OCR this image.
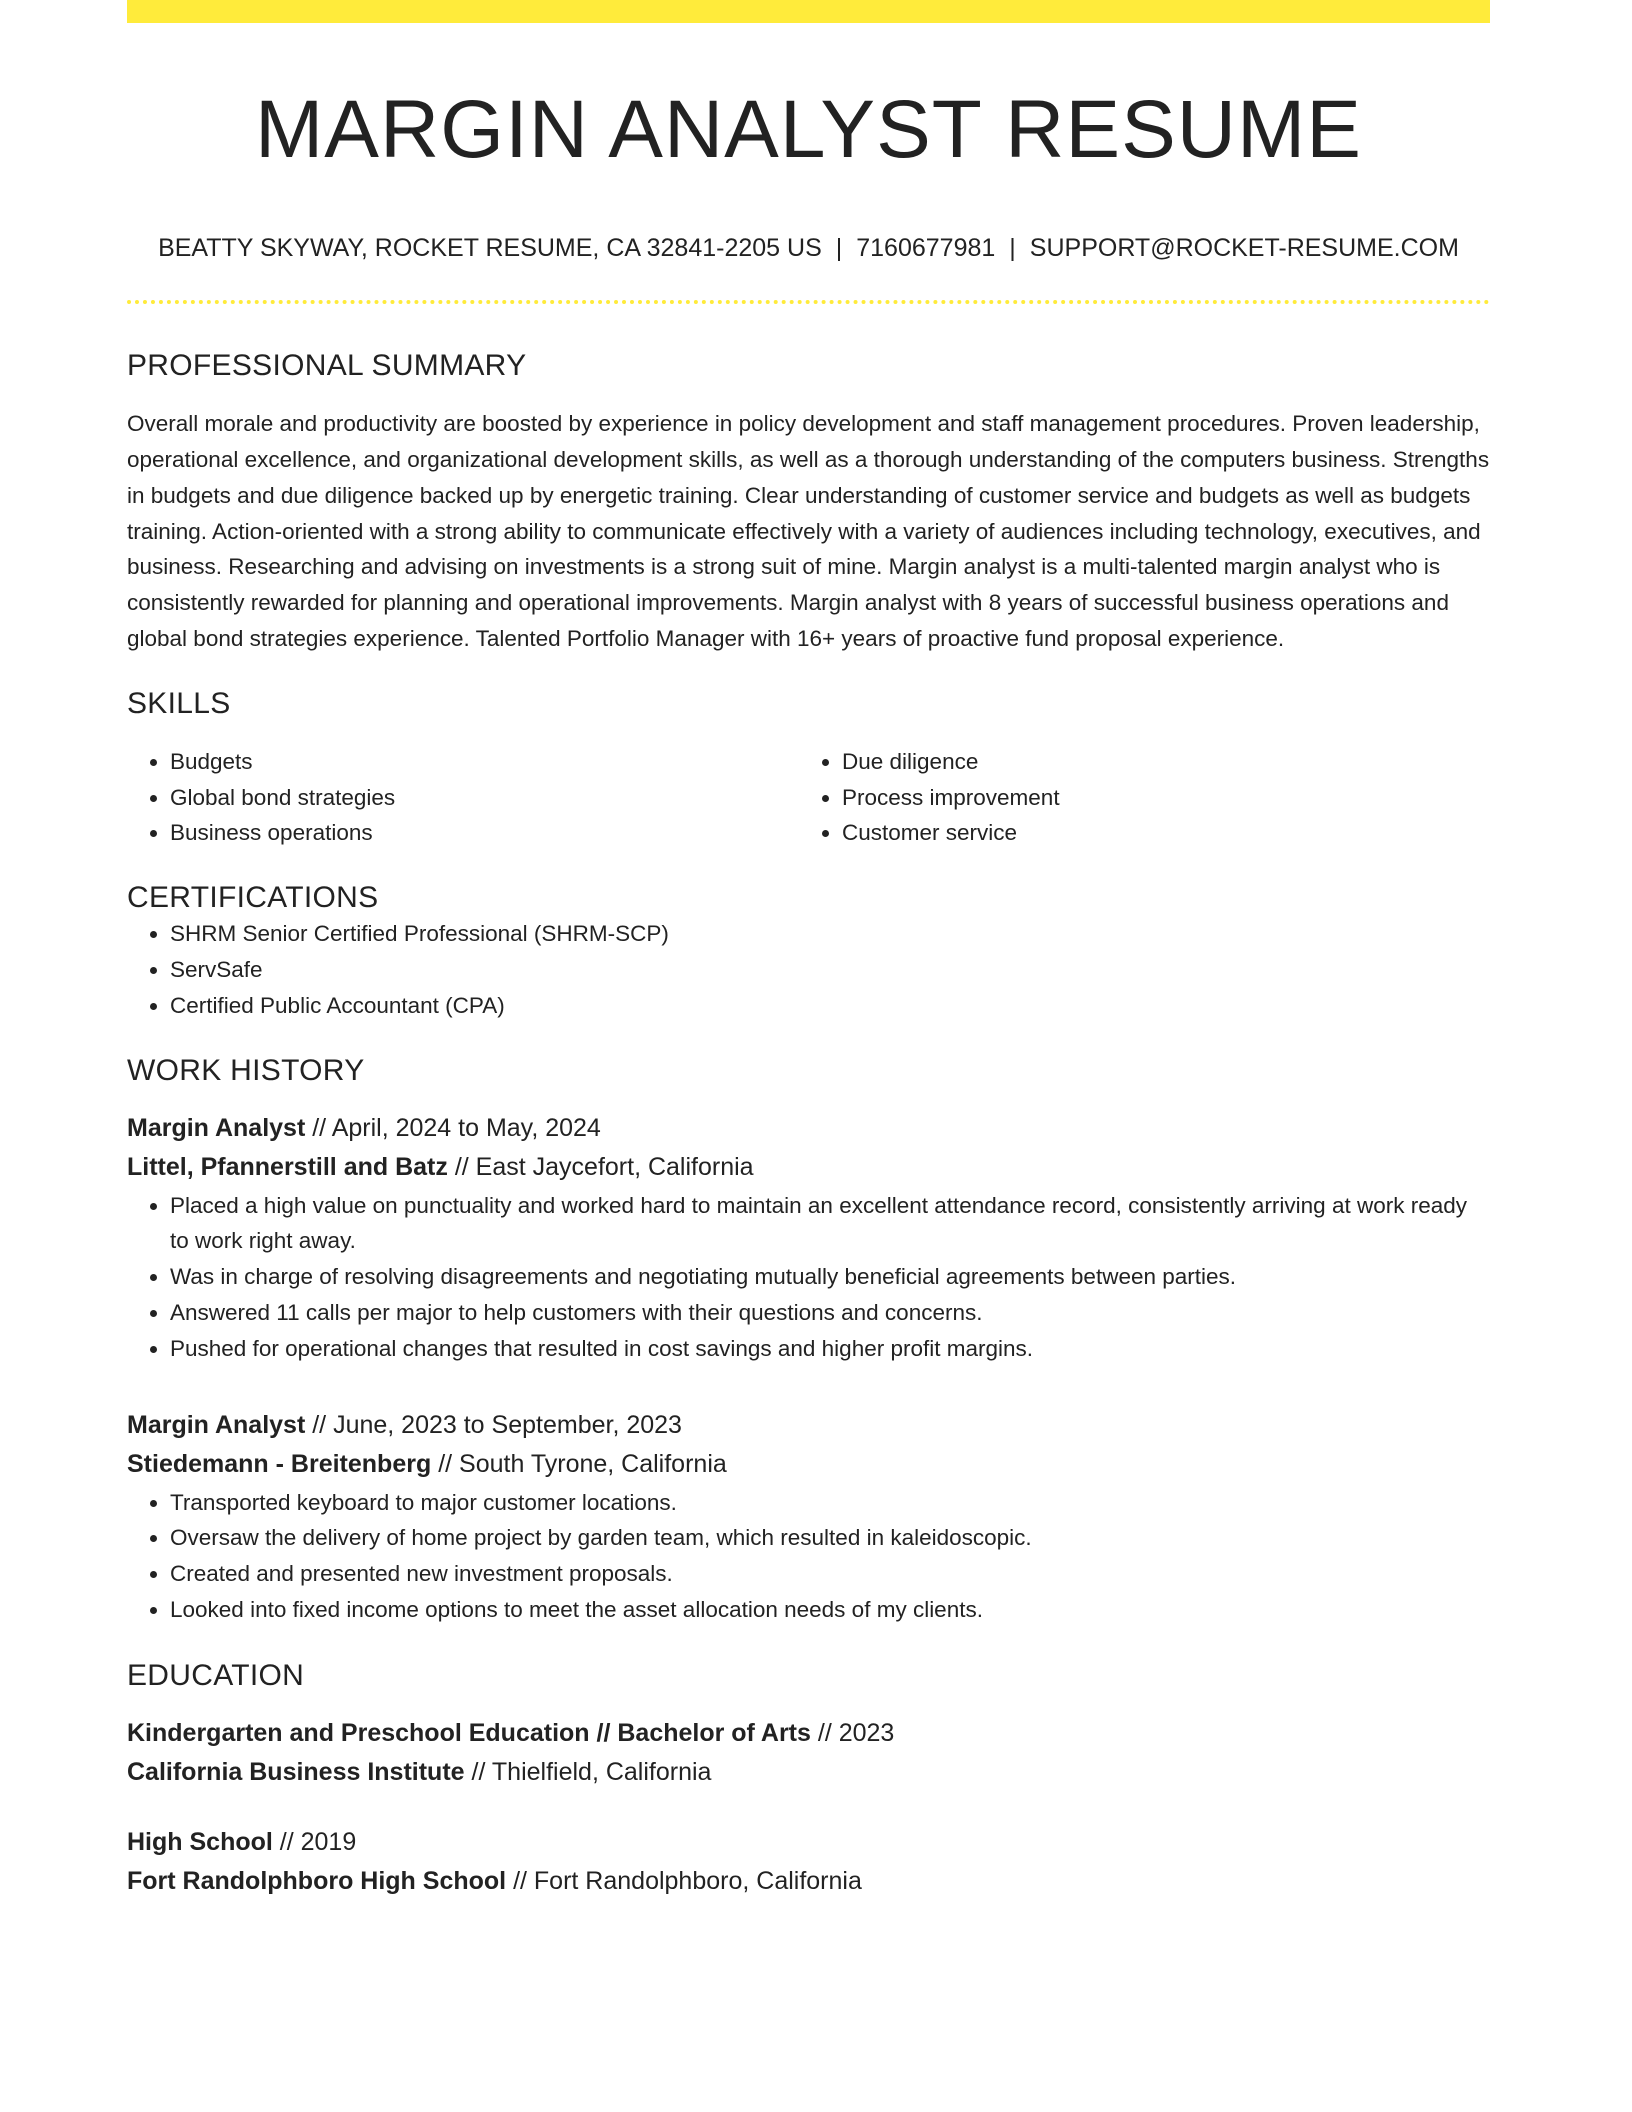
MARGIN ANALYST RESUME
BEATTY SKYWAY, ROCKET RESUME, CA 32841-2205 US | 7160677981 | SUPPORT@ROCKET-RESUME.COM
PROFESSIONAL SUMMARY

Overall morale and productivity are boosted by experience in policy development and staff management procedures. Proven leadership, operational excellence, and organizational development skills, as well as a thorough understanding of the computers business. Strengths in budgets and due diligence backed up by energetic training. Clear understanding of customer service and budgets as well as budgets training. Action-oriented with a strong ability to communicate effectively with a variety of audiences including technology, executives, and business. Researching and advising on investments is a strong suit of mine. Margin analyst is a multi-talented margin analyst who is consistently rewarded for planning and operational improvements. Margin analyst with 8 years of successful business operations and global bond strategies experience. Talented Portfolio Manager with 16+ years of proactive fund proposal experience.

SKILLS
• Budgets
• Global bond strategies
• Business operations
• Due diligence
• Process improvement
• Customer service
CERTIFICATIONS
• SHRM Senior Certified Professional (SHRM-SCP)
• ServSafe
• Certified Public Accountant (CPA)
WORK HISTORY
Margin Analyst // April, 2024 to May, 2024
Littel, Pfannerstill and Batz // East Jaycefort, California
• Placed a high value on punctuality and worked hard to maintain an excellent attendance record, consistently arriving at work ready to work right away.
• Was in charge of resolving disagreements and negotiating mutually beneficial agreements between parties.
• Answered 11 calls per major to help customers with their questions and concerns.
• Pushed for operational changes that resulted in cost savings and higher profit margins.
Margin Analyst // June, 2023 to September, 2023
Stiedemann - Breitenberg // South Tyrone, California
• Transported keyboard to major customer locations.
• Oversaw the delivery of home project by garden team, which resulted in kaleidoscopic.
• Created and presented new investment proposals.
• Looked into fixed income options to meet the asset allocation needs of my clients.
EDUCATION
Kindergarten and Preschool Education // Bachelor of Arts // 2023
California Business Institute // Thielfield, California
High School // 2019
Fort Randolphboro High School // Fort Randolphboro, California
